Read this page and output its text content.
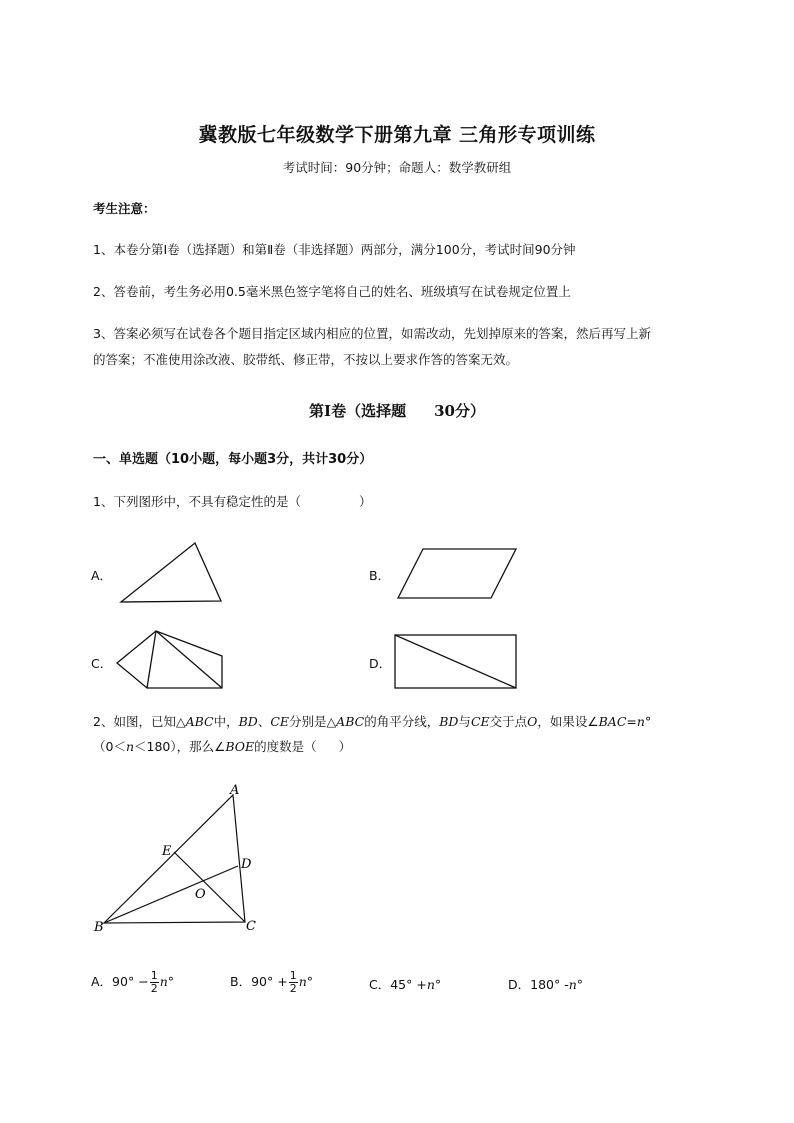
冀教版七年级数学下册第九章 三角形专项训练
考试时间：90分钟；命题人：数学教研组
考生注意：
1、本卷分第I卷（选择题）和第Ⅱ卷（非选择题）两部分，满分100分，考试时间90分钟
2、答卷前，考生务必用0.5毫米黑色签字笔将自己的姓名、班级填写在试卷规定位置上
3、答案必须写在试卷各个题目指定区域内相应的位置，如需改动，先划掉原来的答案，然后再写上新
的答案；不准使用涂改液、胶带纸、修正带，不按以上要求作答的答案无效。
第I卷（选择题 30分）
一、单选题（10小题，每小题3分，共计30分）
1、下列图形中，不具有稳定性的是（	）
A．	B．
C．	D．
2、如图，已知△ABC中，BD、CE分别是△ABC的角平分线，BD与CE交于点O，如果设∠BAC=n°
（0＜n＜180），那么∠BOE的度数是（ ）
A
B	C
D
E
O
A．$90^\circ - \frac{1}{2} n^\circ$	B．$90^\circ + \frac{1}{2} n^\circ$	C．45° +n°	D．180° -n°
